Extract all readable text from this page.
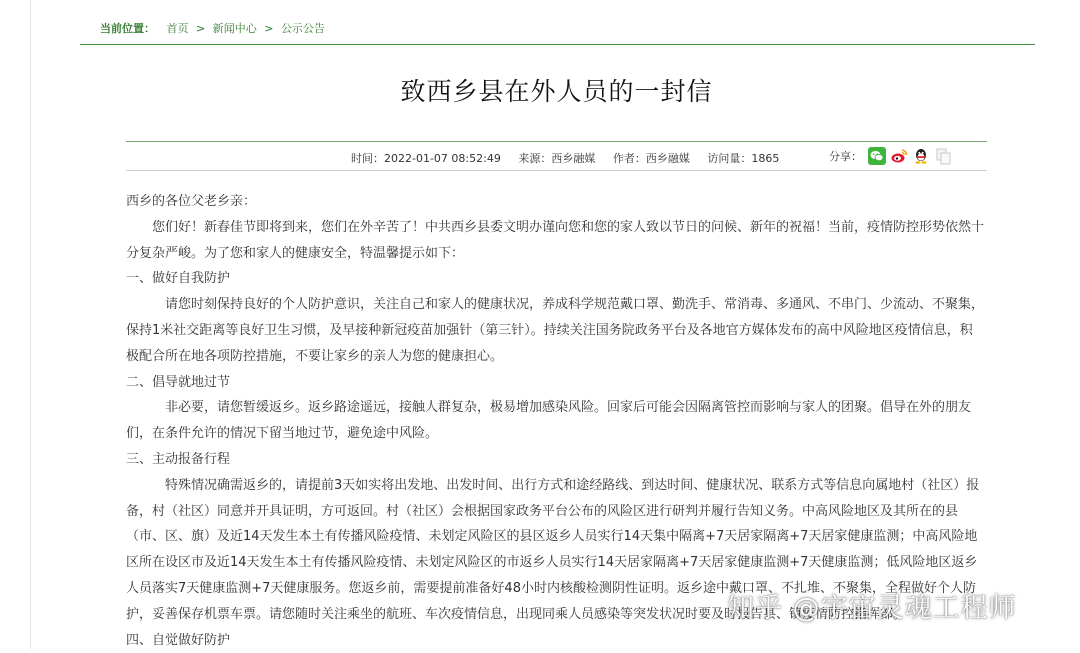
当前位置： 首页 > 新闻中心 > 公示公告
致西乡县在外人员的一封信
时间：2022-01-07 08:52:49 来源：西乡融媒 作者：西乡融媒 访问量：1865	分享：

西乡的各位父老乡亲：

您们好！新春佳节即将到来，您们在外辛苦了！中共西乡县委文明办谨向您和您的家人致以节日的问候、新年的祝福！当前，疫情防控形势依然十分复杂严峻。为了您和家人的健康安全，特温馨提示如下：

一、做好自我防护

请您时刻保持良好的个人防护意识，关注自己和家人的健康状况，养成科学规范戴口罩、勤洗手、常消毒、多通风、不串门、少流动、不聚集，保持1米社交距离等良好卫生习惯，及早接种新冠疫苗加强针（第三针）。持续关注国务院政务平台及各地官方媒体发布的高中风险地区疫情信息，积极配合所在地各项防控措施，不要让家乡的亲人为您的健康担心。

二、倡导就地过节

非必要，请您暂缓返乡。返乡路途遥远，接触人群复杂，极易增加感染风险。回家后可能会因隔离管控而影响与家人的团聚。倡导在外的朋友们，在条件允许的情况下留当地过节，避免途中风险。

三、主动报备行程

特殊情况确需返乡的，请提前3天如实将出发地、出发时间、出行方式和途经路线、到达时间、健康状况、联系方式等信息向属地村（社区）报备，村（社区）同意并开具证明，方可返回。村（社区）会根据国家政务平台公布的风险区进行研判并履行告知义务。中高风险地区及其所在的县（市、区、旗）及近14天发生本土有传播风险疫情、未划定风险区的县区返乡人员实行14天集中隔离+7天居家隔离+7天居家健康监测；中高风险地区所在设区市及近14天发生本土有传播风险疫情、未划定风险区的市返乡人员实行14天居家隔离+7天居家健康监测+7天健康监测；低风险地区返乡人员落实7天健康监测+7天健康服务。您返乡前，需要提前准备好48小时内核酸检测阴性证明。返乡途中戴口罩、不扎堆、不聚集，全程做好个人防护，妥善保存机票车票。请您随时关注乘坐的航班、车次疫情信息，出现同乘人员感染等突发状况时要及时报告县、镇疫情防控指挥部。

四、自觉做好防护

知乎 @宇宙灵魂工程师
